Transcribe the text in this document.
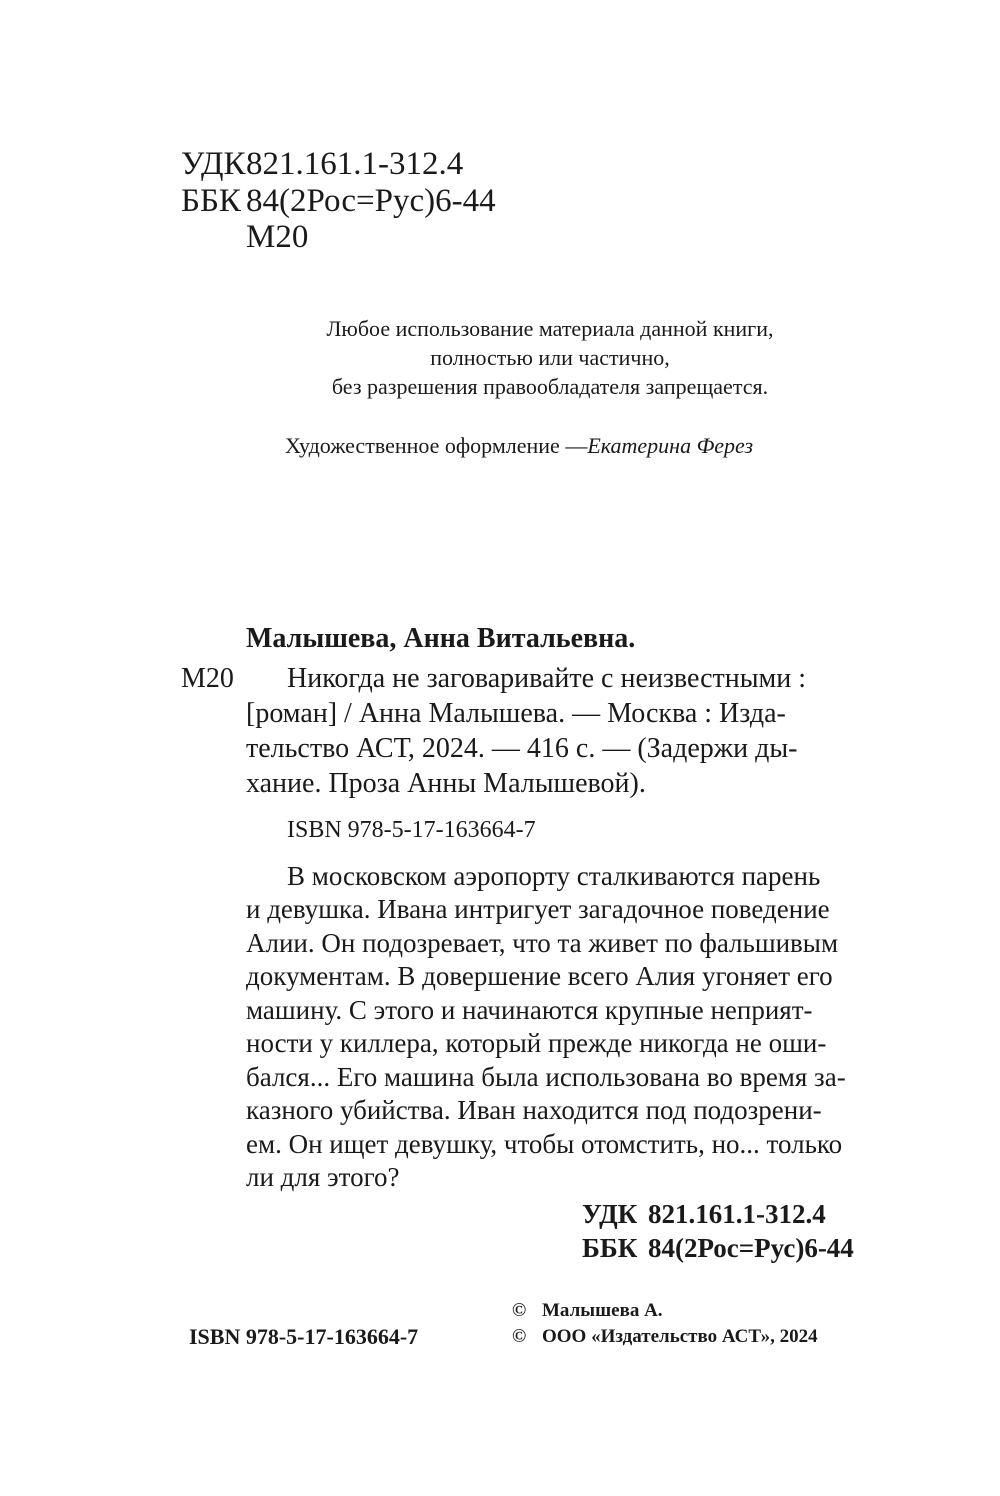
УДК821.161.1-312.4
ББК 84(2Рос=Рус)6-44
М20
Любое использование материала данной книги,
полностью или частично,
без разрешения правообладателя запрещается.
Художественное оформление —Екатерина Ферез
Малышева, Анна Витальевна.
М20 Никогда не заговаривайте с неизвестными :
[роман] / Анна Малышева. — Москва : Изда-
тельство АСТ, 2024. — 416 с. — (Задержи ды-
хание. Проза Анны Малышевой).
ISBN 978-5-17-163664-7
В московском аэропорту сталкиваются парень
и девушка. Ивана интригует загадочное поведение
Алии. Он подозревает, что та живет по фальшивым
документам. В довершение всего Алия угоняет его
машину. С этого и начинаются крупные неприят-
ности у киллера, который прежде никогда не оши-
бался... Его машина была использована во время за-
казного убийства. Иван находится под подозрени-
ем. Он ищет девушку, чтобы отомстить, но... только
ли для этого?
УДК 821.161.1-312.4
ББК 84(2Рос=Рус)6-44
ISBN 978-5-17-163664-7
© Малышева А.
© ООО «Издательство АСТ», 2024
